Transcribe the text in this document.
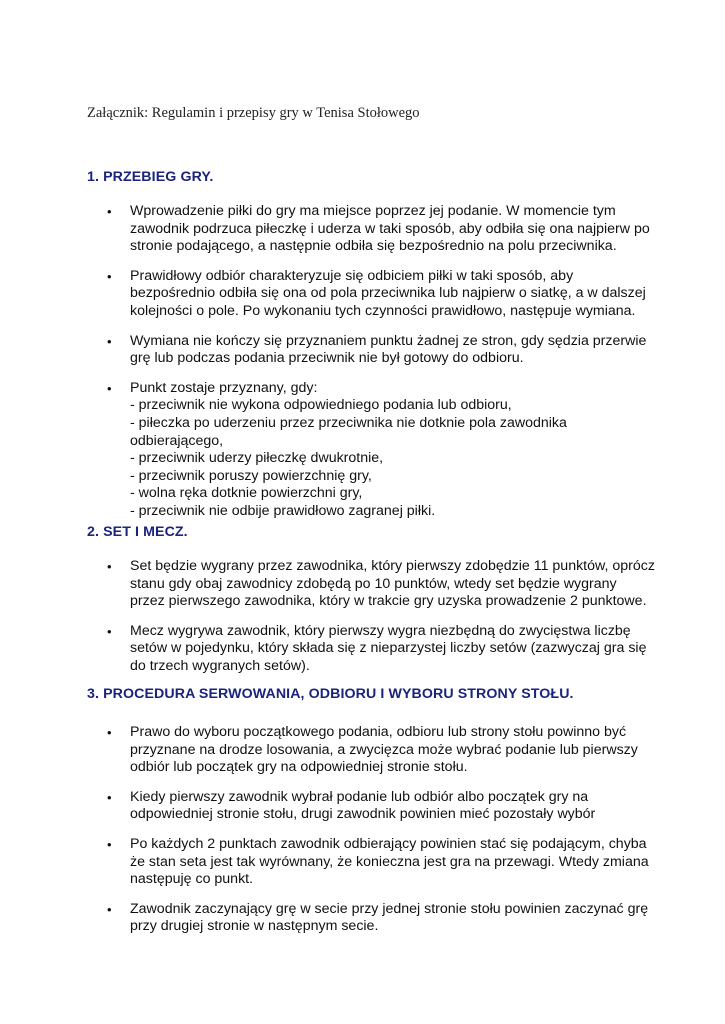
Załącznik: Regulamin i przepisy gry w Tenisa Stołowego

1. PRZEBIEG GRY.
• Wprowadzenie piłki do gry ma miejsce poprzez jej podanie. W momencie tym
zawodnik podrzuca piłeczkę i uderza w taki sposób, aby odbiła się ona najpierw po
stronie podającego, a następnie odbiła się bezpośrednio na polu przeciwnika.
• Prawidłowy odbiór charakteryzuje się odbiciem piłki w taki sposób, aby
bezpośrednio odbiła się ona od pola przeciwnika lub najpierw o siatkę, a w dalszej
kolejności o pole. Po wykonaniu tych czynności prawidłowo, następuje wymiana.
• Wymiana nie kończy się przyznaniem punktu żadnej ze stron, gdy sędzia przerwie
grę lub podczas podania przeciwnik nie był gotowy do odbioru.
• Punkt zostaje przyznany, gdy:
- przeciwnik nie wykona odpowiedniego podania lub odbioru,
- piłeczka po uderzeniu przez przeciwnika nie dotknie pola zawodnika
odbierającego,
- przeciwnik uderzy piłeczkę dwukrotnie,
- przeciwnik poruszy powierzchnię gry,
- wolna ręka dotknie powierzchni gry,
- przeciwnik nie odbije prawidłowo zagranej piłki.
2. SET I MECZ.
• Set będzie wygrany przez zawodnika, który pierwszy zdobędzie 11 punktów, oprócz
stanu gdy obaj zawodnicy zdobędą po 10 punktów, wtedy set będzie wygrany
przez pierwszego zawodnika, który w trakcie gry uzyska prowadzenie 2 punktowe.
• Mecz wygrywa zawodnik, który pierwszy wygra niezbędną do zwycięstwa liczbę
setów w pojedynku, który składa się z nieparzystej liczby setów (zazwyczaj gra się
do trzech wygranych setów).
3. PROCEDURA SERWOWANIA, ODBIORU I WYBORU STRONY STOŁU.
• Prawo do wyboru początkowego podania, odbioru lub strony stołu powinno być
przyznane na drodze losowania, a zwycięzca może wybrać podanie lub pierwszy
odbiór lub początek gry na odpowiedniej stronie stołu.
• Kiedy pierwszy zawodnik wybrał podanie lub odbiór albo początek gry na
odpowiedniej stronie stołu, drugi zawodnik powinien mieć pozostały wybór
• Po każdych 2 punktach zawodnik odbierający powinien stać się podającym, chyba
że stan seta jest tak wyrównany, że konieczna jest gra na przewagi. Wtedy zmiana
następuję co punkt.
• Zawodnik zaczynający grę w secie przy jednej stronie stołu powinien zaczynać grę
przy drugiej stronie w następnym secie.
